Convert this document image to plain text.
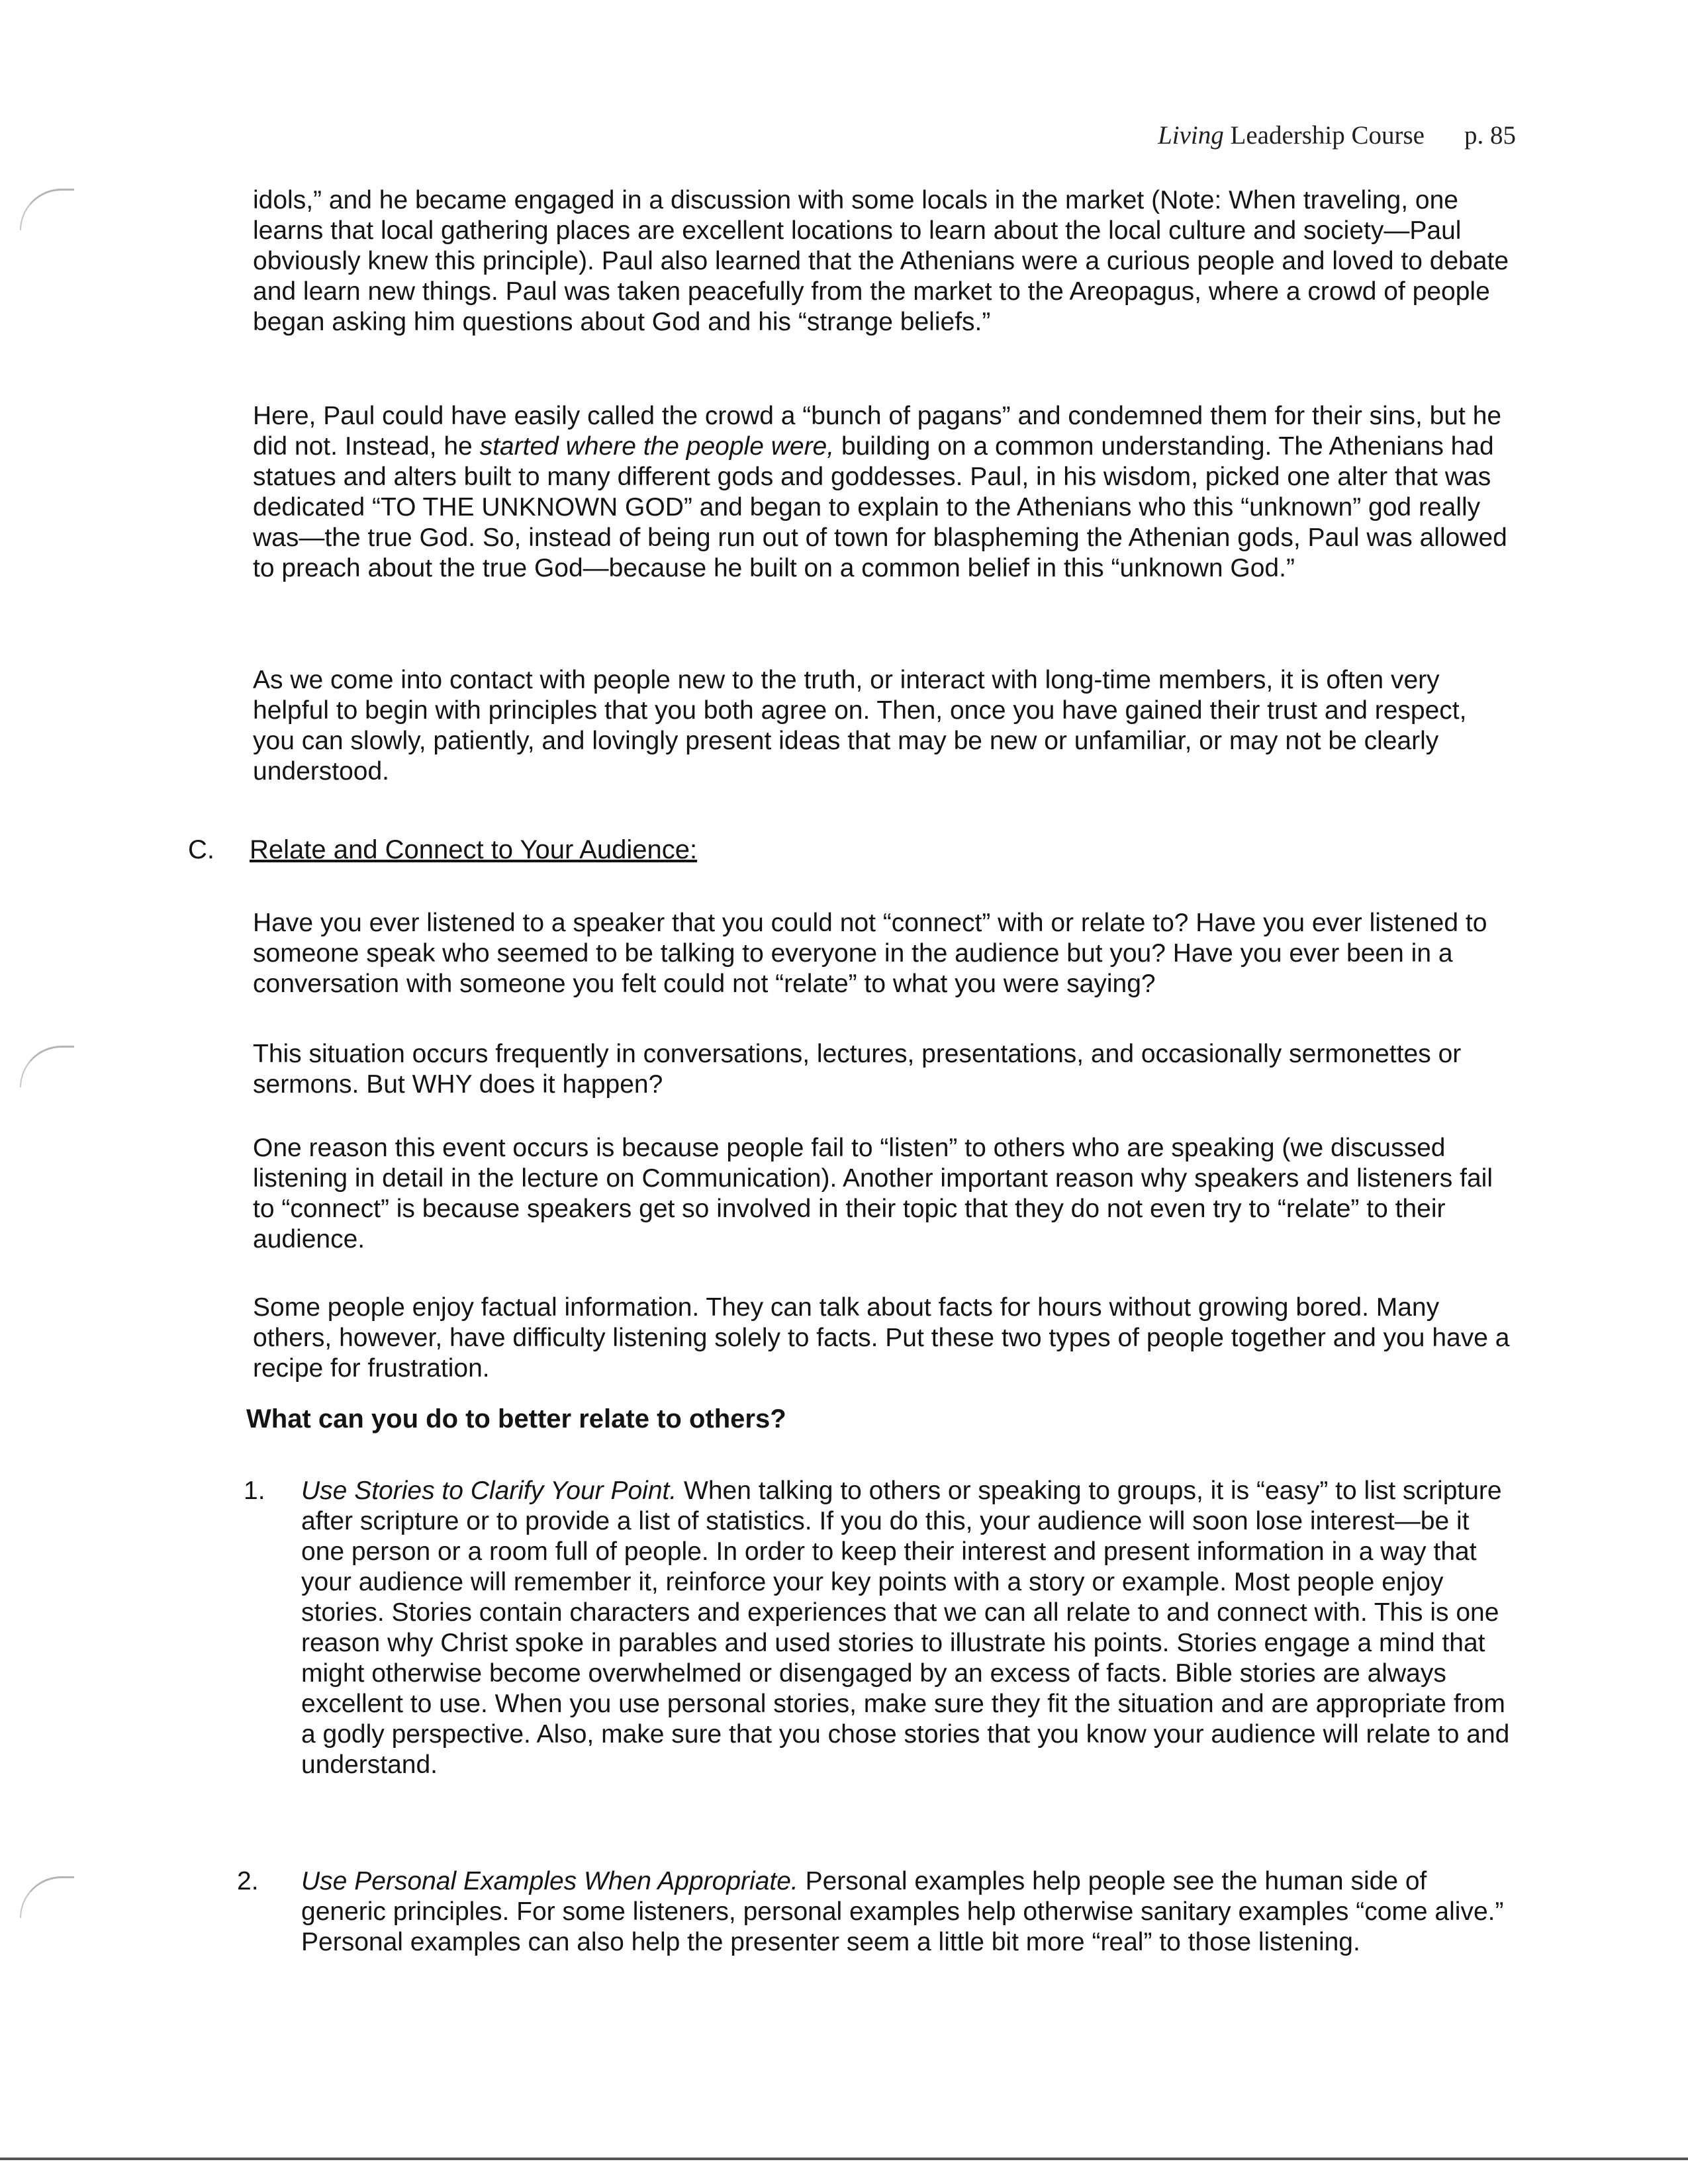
Living Leadership Course p. 85
idols,” and he became engaged in a discussion with some locals in the market (Note: When traveling, one learns that local gathering places are excellent locations to learn about the local culture and society—Paul obviously knew this principle). Paul also learned that the Athenians were a curious people and loved to debate and learn new things. Paul was taken peacefully from the market to the Areopagus, where a crowd of people began asking him questions about God and his “strange beliefs.”
Here, Paul could have easily called the crowd a “bunch of pagans” and condemned them for their sins, but he did not. Instead, he started where the people were, building on a common understanding. The Athenians had statues and alters built to many different gods and goddesses. Paul, in his wisdom, picked one alter that was dedicated “TO THE UNKNOWN GOD” and began to explain to the Athenians who this “unknown” god really was—the true God. So, instead of being run out of town for blaspheming the Athenian gods, Paul was allowed to preach about the true God—because he built on a common belief in this “unknown God.”
As we come into contact with people new to the truth, or interact with long-time members, it is often very helpful to begin with principles that you both agree on. Then, once you have gained their trust and respect, you can slowly, patiently, and lovingly present ideas that may be new or unfamiliar, or may not be clearly understood.
C. Relate and Connect to Your Audience:
Have you ever listened to a speaker that you could not “connect” with or relate to? Have you ever listened to someone speak who seemed to be talking to everyone in the audience but you? Have you ever been in a conversation with someone you felt could not “relate” to what you were saying?
This situation occurs frequently in conversations, lectures, presentations, and occasionally sermonettes or sermons. But WHY does it happen?
One reason this event occurs is because people fail to “listen” to others who are speaking (we discussed listening in detail in the lecture on Communication). Another important reason why speakers and listeners fail to “connect” is because speakers get so involved in their topic that they do not even try to “relate” to their audience.
Some people enjoy factual information. They can talk about facts for hours without growing bored. Many others, however, have difficulty listening solely to facts. Put these two types of people together and you have a recipe for frustration.
What can you do to better relate to others?
1. Use Stories to Clarify Your Point. When talking to others or speaking to groups, it is “easy” to list scripture after scripture or to provide a list of statistics. If you do this, your audience will soon lose interest—be it one person or a room full of people. In order to keep their interest and present information in a way that your audience will remember it, reinforce your key points with a story or example. Most people enjoy stories. Stories contain characters and experiences that we can all relate to and connect with. This is one reason why Christ spoke in parables and used stories to illustrate his points. Stories engage a mind that might otherwise become overwhelmed or disengaged by an excess of facts. Bible stories are always excellent to use. When you use personal stories, make sure they fit the situation and are appropriate from a godly perspective. Also, make sure that you chose stories that you know your audience will relate to and understand.
2. Use Personal Examples When Appropriate. Personal examples help people see the human side of generic principles. For some listeners, personal examples help otherwise sanitary examples “come alive.” Personal examples can also help the presenter seem a little bit more “real” to those listening.
